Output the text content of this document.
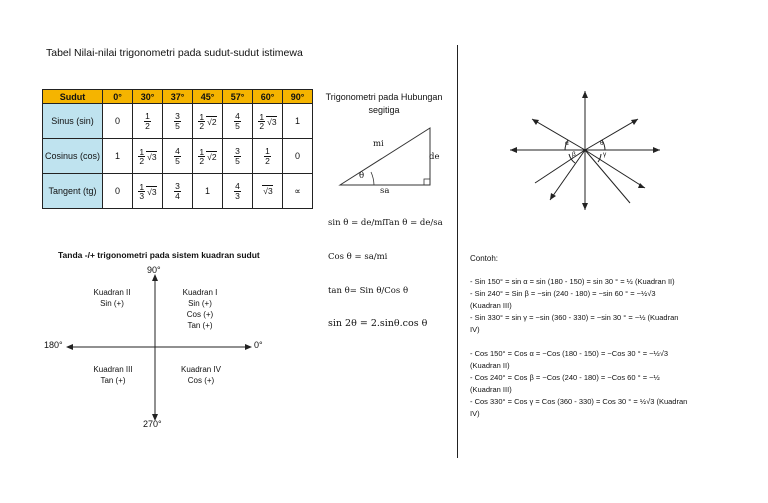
Tabel Nilai-nilai trigonometri pada sudut-sudut istimewa
Sudut	0°	30°	37°	45°	57°	60°	90°
Sinus (sin)	0	$\frac{1}{2}$	$\frac{3}{5}$	$\frac{1}{2} √2$	$\frac{4}{5}$	$\frac{1}{2} √3$	1
Cosinus (cos)	1	$\frac{1}{2} √3$	$\frac{4}{5}$	$\frac{1}{2} √2$	$\frac{3}{5}$	$\frac{1}{2}$	0
Tangent (tg)	0	$\frac{1}{3} √3$	$\frac{3}{4}$	1	$\frac{4}{3}$	√3	∝
Trigonometri pada Hubungan segitiga
mi
de
sa
θ
sin θ = de/mi
Tan θ = de/sa
Cos θ = sa/mi
tan θ= Sin θ/Cos θ
sin 2θ = 2.sinθ.cos θ
Tanda -/+ trigonometri pada sistem kuadran sudut
90°
180°	0°
270°
Kuadran I
Sin (+)
Cos (+)
Tan (+)
Kuadran II
Sin (+)
Kuadran III
Tan (+)
Kuadran IV
Cos (+)
α	θ
β	γ
Contoh:
- Sin 150° = sin α = sin (180 - 150) = sin 30 ° = ½ (Kuadran II)
- Sin 240° = Sin β = −sin (240 - 180) = −sin 60 ° = −½√3
(Kuadran III)
- Sin 330° = sin γ = −sin (360 - 330) = −sin 30 ° = −½ (Kuadran
IV)
- Cos 150° = Cos α = −Cos (180 - 150) = −Cos 30 ° = −½√3
(Kuadran II)
- Cos 240° = Cos β = −Cos (240 - 180) = −Cos 60 ° = −½
(Kuadran III)
- Cos 330° = Cos γ = Cos (360 - 330) = Cos 30 ° = ½√3 (Kuadran
IV)
